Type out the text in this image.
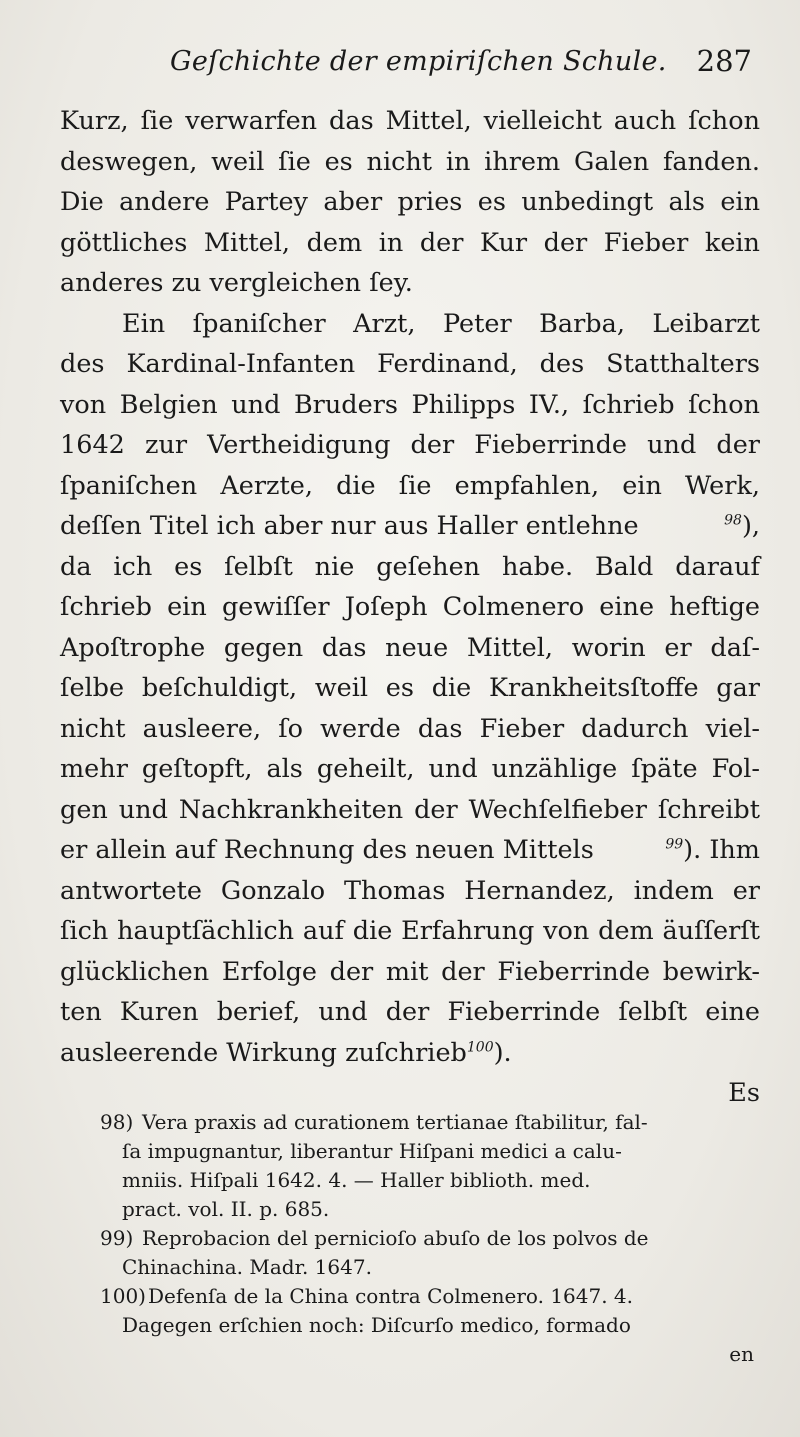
Geſchichte der empiriſchen Schule. 287
Kurz, ſie verwarfen das Mittel, vielleicht auch ſchon
deswegen, weil ſie es nicht in ihrem Galen fanden.
Die andere Partey aber pries es unbedingt als ein
göttliches Mittel, dem in der Kur der Fieber kein
anderes zu vergleichen ſey.
Ein ſpaniſcher Arzt, Peter Barba, Leibarzt
des Kardinal-Infanten Ferdinand, des Statthalters
von Belgien und Bruders Philipps IV., ſchrieb ſchon
1642 zur Vertheidigung der Fieberrinde und der
ſpaniſchen Aerzte, die ſie empfahlen, ein Werk,
deſſen Titel ich aber nur aus Haller entlehne	$^{98}$),
da ich es ſelbſt nie geſehen habe. Bald darauf
ſchrieb ein gewiſſer Joſeph Colmenero eine heftige
Apoſtrophe gegen das neue Mittel, worin er daſ-
ſelbe beſchuldigt, weil es die Krankheitsſtoffe gar
nicht ausleere, ſo werde das Fieber dadurch viel-
mehr geſtopft, als geheilt, und unzählige ſpäte Fol-
gen und Nachkrankheiten der Wechſelfieber ſchreibt
er allein auf Rechnung des neuen Mittels	$^{99}$). Ihm
antwortete Gonzalo Thomas Hernandez, indem er
ſich hauptſächlich auf die Erfahrung von dem äuſſerſt
glücklichen Erfolge der mit der Fieberrinde bewirk-
ten Kuren berief, und der Fieberrinde ſelbſt eine
ausleerende Wirkung zuſchrieb$^{100}$).
Es
98) Vera praxis ad curationem tertianae ſtabilitur, fal-
ſa impugnantur, liberantur Hiſpani medici a calu-
mniis. Hiſpali 1642. 4. — Haller biblioth. med.
pract. vol. II. p. 685.
99) Reprobacion del pernicioſo abuſo de los polvos de
Chinachina. Madr. 1647.
100) Defenſa de la China contra Colmenero. 1647. 4.
Dagegen erſchien noch: Diſcurſo medico, formado
en
